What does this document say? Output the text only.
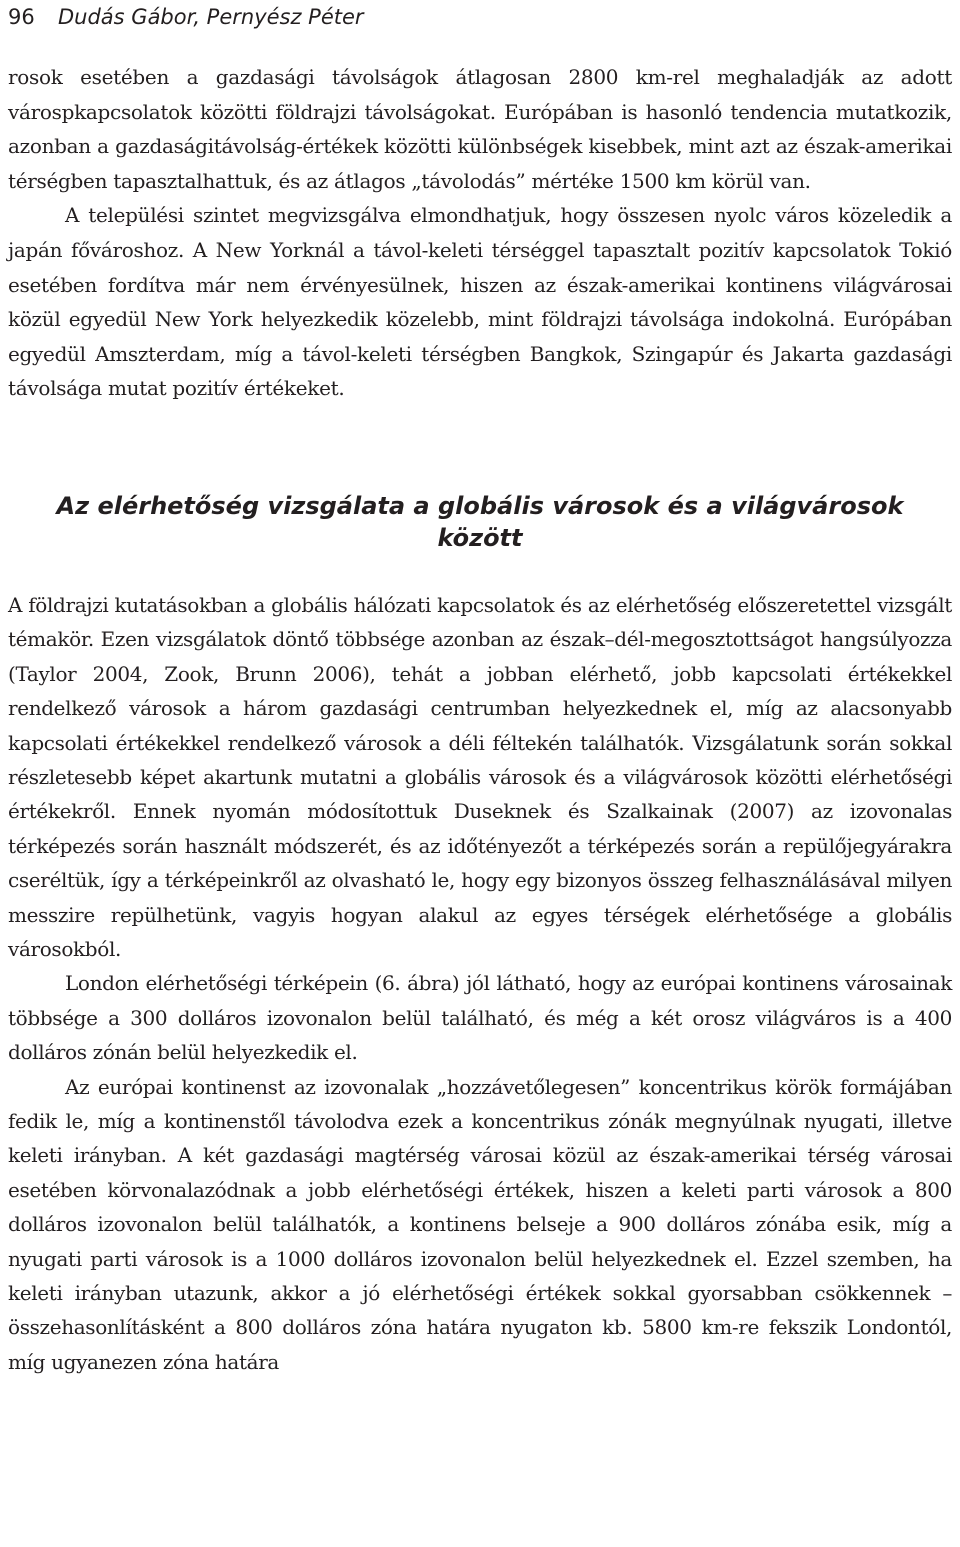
96 Dudás Gábor, Pernyész Péter

rosok esetében a gazdasági távolságok átlagosan 2800 km-rel meghaladják az adott várospkapcsolatok közötti földrajzi távolságokat. Európában is hasonló tendencia mutatkozik, azonban a gazdaságitávolság-értékek közötti különbségek kisebbek, mint azt az észak-amerikai térségben tapasztalhattuk, és az átlagos „távolodás” mértéke 1500 km körül van.

A települési szintet megvizsgálva elmondhatjuk, hogy összesen nyolc város közeledik a japán fővároshoz. A New Yorknál a távol-keleti térséggel tapasztalt pozitív kapcsolatok Tokió esetében fordítva már nem érvényesülnek, hiszen az észak-amerikai kontinens világvárosai közül egyedül New York helyezkedik közelebb, mint földrajzi távolsága indokolná. Európában egyedül Amszterdam, míg a távol-keleti térségben Bangkok, Szingapúr és Jakarta gazdasági távolsága mutat pozitív értékeket.

Az elérhetőség vizsgálata a globális városok és a világvárosok
között

A földrajzi kutatásokban a globális hálózati kapcsolatok és az elérhetőség előszeretettel vizsgált témakör. Ezen vizsgálatok döntő többsége azonban az észak–dél-megosztottságot hangsúlyozza (Taylor 2004, Zook, Brunn 2006), tehát a jobban elérhető, jobb kapcsolati értékekkel rendelkező városok a három gazdasági centrumban helyezkednek el, míg az alacsonyabb kapcsolati értékekkel rendelkező városok a déli féltekén találhatók. Vizsgálatunk során sokkal részletesebb képet akartunk mutatni a globális városok és a világvárosok közötti elérhetőségi értékekről. Ennek nyomán módosítottuk Duseknek és Szalkainak (2007) az izovonalas térképezés során használt módszerét, és az időtényezőt a térképezés során a repülőjegyárakra cseréltük, így a térképeinkről az olvasható le, hogy egy bizonyos összeg felhasználásával milyen messzire repülhetünk, vagyis hogyan alakul az egyes térségek elérhetősége a globális városokból.

London elérhetőségi térképein (6. ábra) jól látható, hogy az európai kontinens városainak többsége a 300 dolláros izovonalon belül található, és még a két orosz világváros is a 400 dolláros zónán belül helyezkedik el.

Az európai kontinenst az izovonalak „hozzávetőlegesen” koncentrikus körök formájában fedik le, míg a kontinenstől távolodva ezek a koncentrikus zónák megnyúlnak nyugati, illetve keleti irányban. A két gazdasági magtérség városai közül az észak-amerikai térség városai esetében körvonalazódnak a jobb elérhetőségi értékek, hiszen a keleti parti városok a 800 dolláros izovonalon belül találhatók, a kontinens belseje a 900 dolláros zónába esik, míg a nyugati parti városok is a 1000 dolláros izovonalon belül helyezkednek el. Ezzel szemben, ha keleti irányban utazunk, akkor a jó elérhetőségi értékek sokkal gyorsabban csökkennek – összehasonlításként a 800 dolláros zóna határa nyugaton kb. 5800 km-re fekszik Londontól, míg ugyanezen zóna határa
